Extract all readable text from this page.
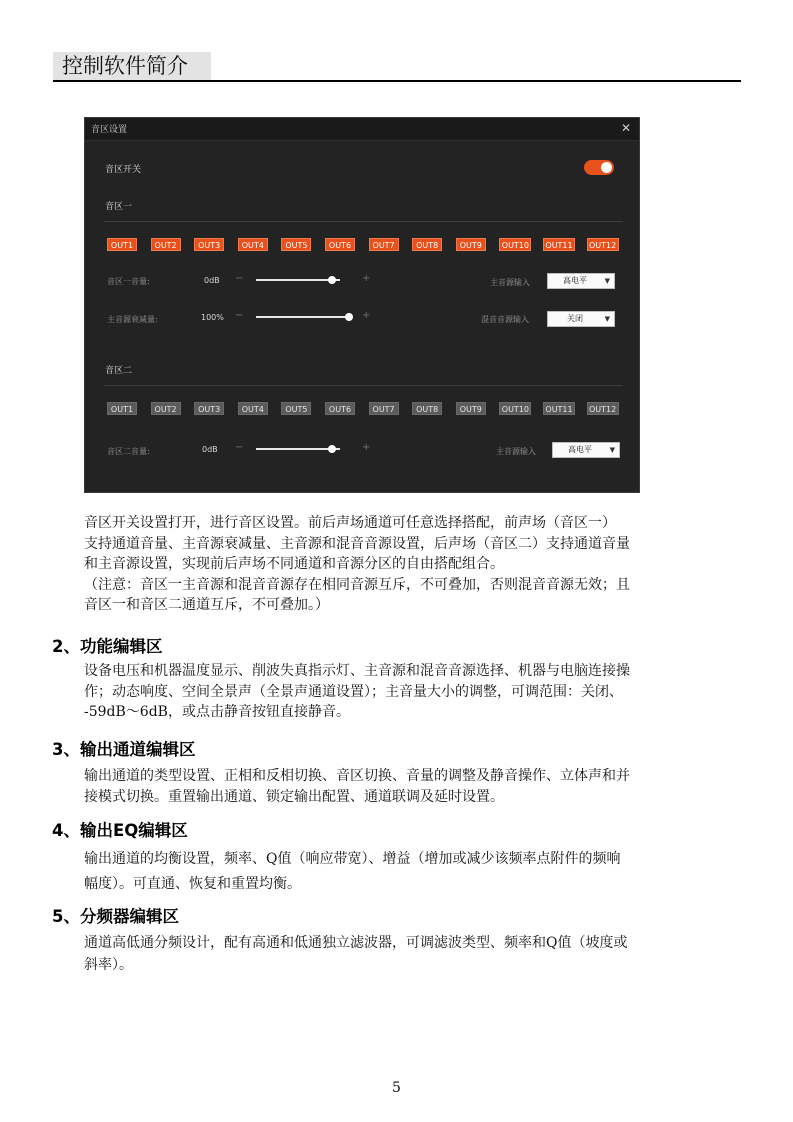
控制软件简介
音区设置	✕
音区开关
音区一
OUT1	OUT2	OUT3	OUT4	OUT5	OUT6	OUT7	OUT8	OUT9	OUT10 OUT11 OUT12
音区一音量:	0dB −	+	主音源输入	高电平	▼
主音源衰减量:	100% −	+	混音音源输入	关闭	▼
音区二
OUT1	OUT2	OUT3	OUT4	OUT5	OUT6	OUT7	OUT8	OUT9	OUT10 OUT11 OUT12
音区二音量:	0dB −	+	主音源输入	高电平	▼
音区开关设置打开，进行音区设置。前后声场通道可任意选择搭配，前声场（音区一）
支持通道音量、主音源衰减量、主音源和混音音源设置，后声场（音区二）支持通道音量
和主音源设置，实现前后声场不同通道和音源分区的自由搭配组合。
（注意：音区一主音源和混音音源存在相同音源互斥，不可叠加，否则混音音源无效；且
音区一和音区二通道互斥，不可叠加。）
2、功能编辑区
设备电压和机器温度显示、削波失真指示灯、主音源和混音音源选择、机器与电脑连接操
作；动态响度、空间全景声（全景声通道设置）；主音量大小的调整，可调范围：关闭、
-59dB～6dB，或点击静音按钮直接静音。
3、输出通道编辑区
输出通道的类型设置、正相和反相切换、音区切换、音量的调整及静音操作、立体声和并
接模式切换。重置输出通道、锁定输出配置、通道联调及延时设置。
4、输出EQ编辑区
输出通道的均衡设置，频率、Q值（响应带宽）、增益（增加或减少该频率点附件的频响
幅度）。可直通、恢复和重置均衡。
5、分频器编辑区
通道高低通分频设计，配有高通和低通独立滤波器，可调滤波类型、频率和Q值（坡度或
斜率）。
5
